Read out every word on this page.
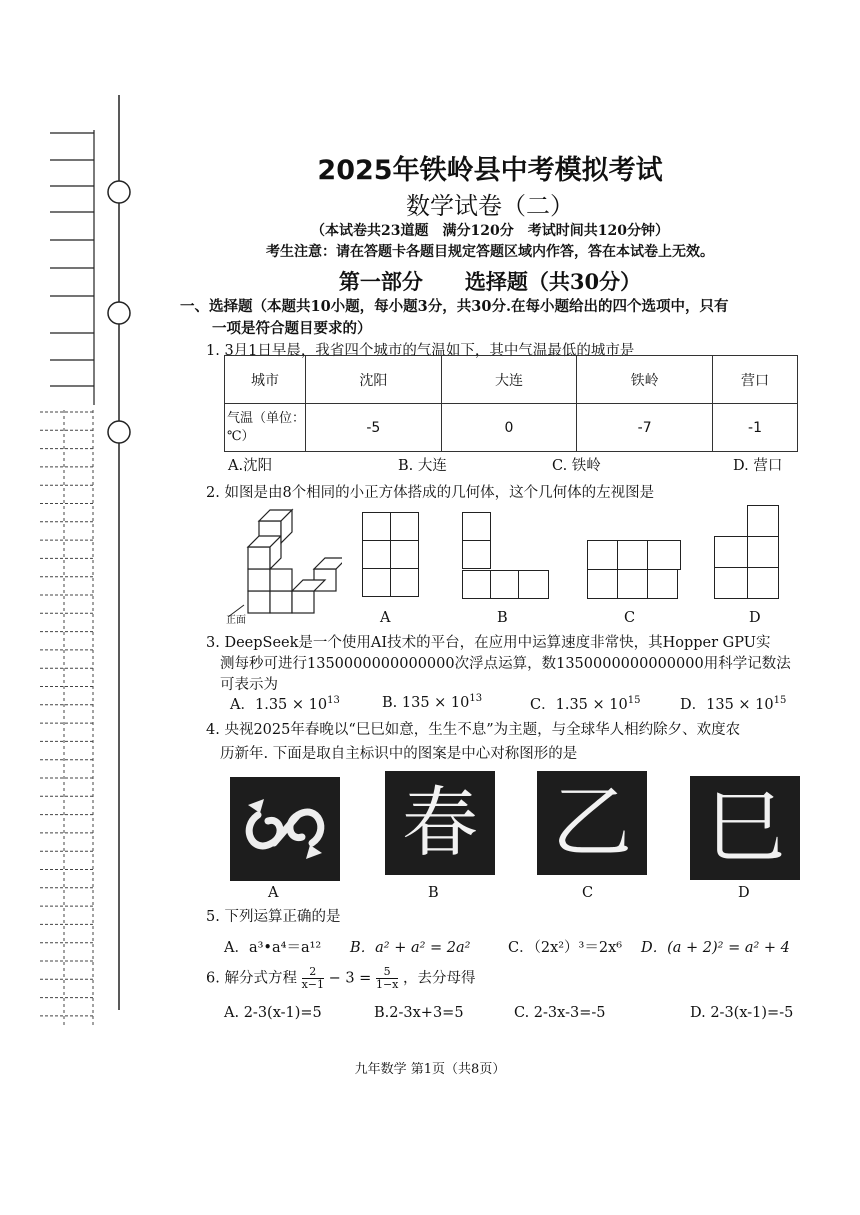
2025年铁岭县中考模拟考试
数学试卷（二）
（本试卷共23道题　满分120分　考试时间共120分钟）
考生注意：请在答题卡各题目规定答题区域内作答，答在本试卷上无效。
第一部分　　选择题（共30分）
一、选择题（本题共10小题，每小题3分，共30分.在每小题给出的四个选项中，只有
一项是符合题目要求的）
1. 3月1日早晨，我省四个城市的气温如下，其中气温最低的城市是
城市	沈阳	大连	铁岭	营口
气温（单位：℃）	-5	0	-7	-1
A.沈阳	B. 大连	C. 铁岭	D. 营口
2. 如图是由8个相同的小正方体搭成的几何体，这个几何体的左视图是
正面	A	B	C	D
3. DeepSeek是一个使用AI技术的平台，在应用中运算速度非常快，其Hopper GPU实
测每秒可进行1350000000000000次浮点运算，数1350000000000000用科学记数法
可表示为
A．$1.35 \times 10^{13}$	B. $135 \times 10^{13}$	C．$1.35 \times 10^{15}$	D．$135 \times 10^{15}$
4. 央视2025年春晚以“巳巳如意，生生不息”为主题，与全球华人相约除夕、欢度农
历新年. 下面是取自主标识中的图案是中心对称图形的是
春 乙 巳
A	B	C	D
5. 下列运算正确的是
A．a³•a⁴＝a¹² B．a² + a² = 2a²	C．（2x²）³＝2x⁶ D．(a + 2)² = a² + 4
6. 解分式方程 $\frac{2}{x-1} - 3 = \frac{5}{1-x}$ ，去分母得
A. 2-3(x-1)=5	B.2-3x+3=5	C. 2-3x-3=-5	D. 2-3(x-1)=-5
九年数学 第1页（共8页）
